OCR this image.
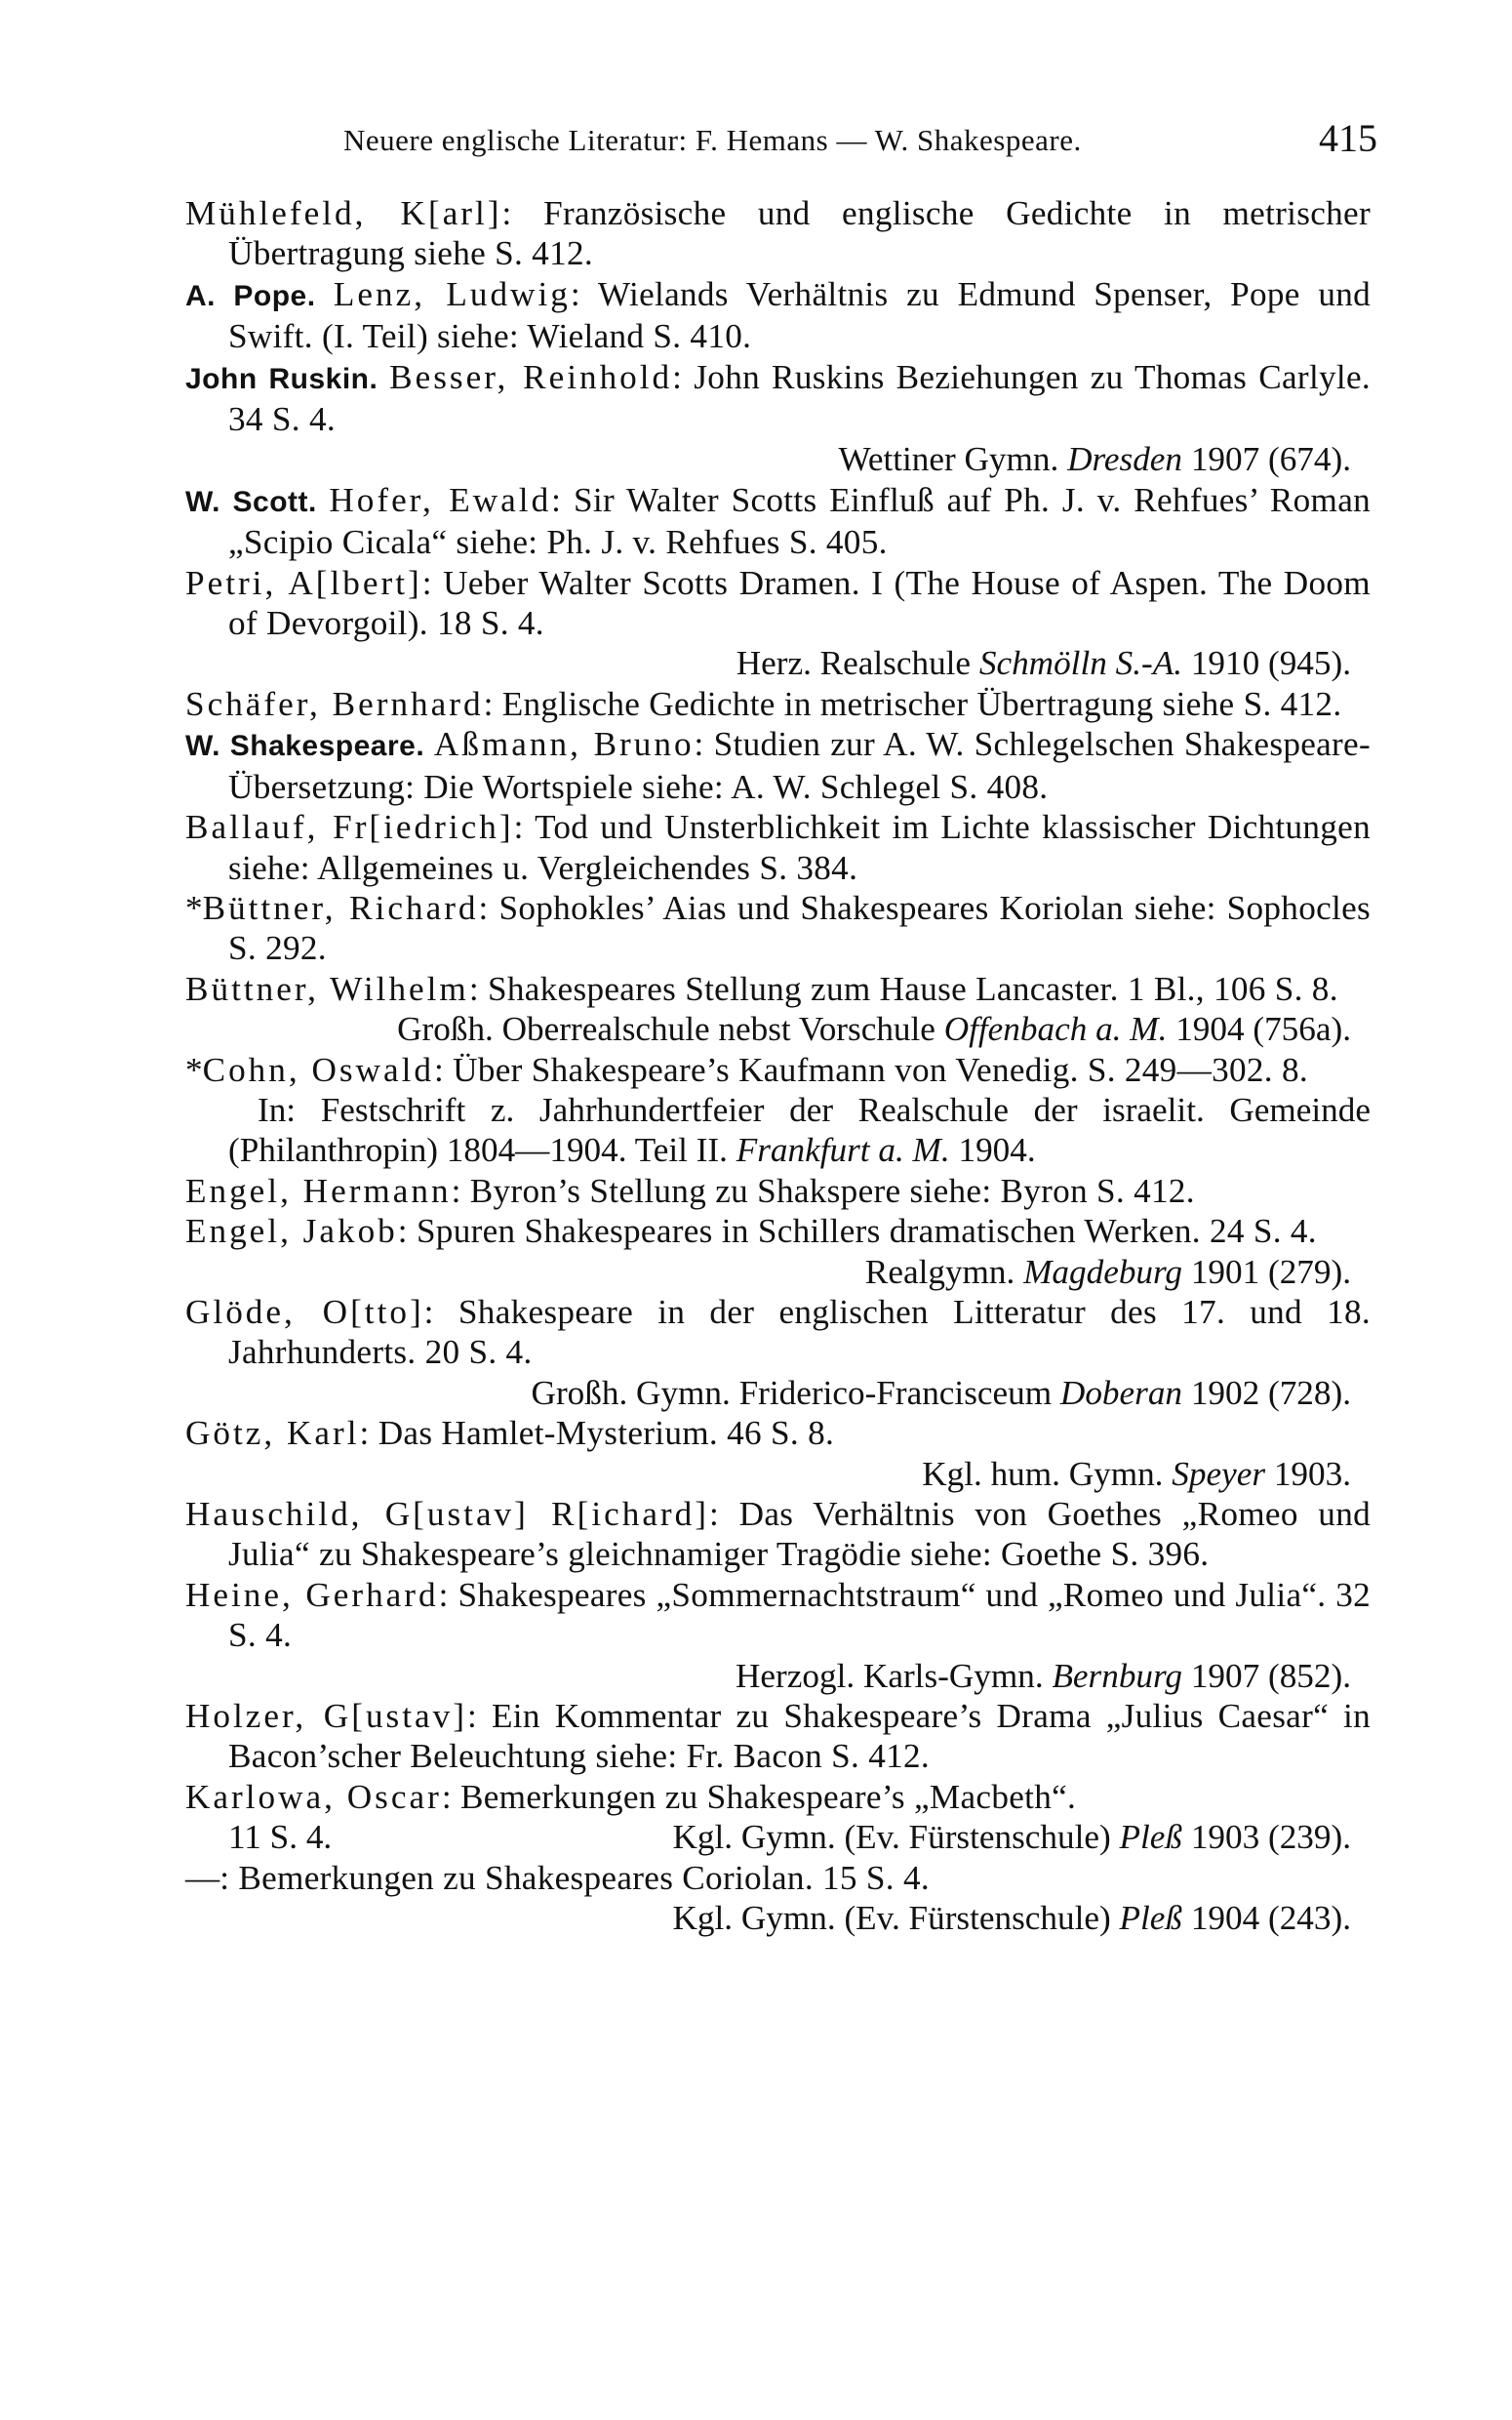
Neuere englische Literatur: F. Hemans — W. Shakespeare.	415
Mühlefeld, K[arl]: Französische und englische Gedichte in metrischer Übertragung siehe S. 412.
A. Pope. Lenz, Ludwig: Wielands Verhältnis zu Edmund Spenser, Pope und Swift. (I. Teil) siehe: Wieland S. 410.
John Ruskin. Besser, Reinhold: John Ruskins Beziehungen zu Thomas Carlyle. 34 S. 4.
Wettiner Gymn. Dresden 1907 (674).
W. Scott. Hofer, Ewald: Sir Walter Scotts Einfluß auf Ph. J. v. Rehfues’ Roman „Scipio Cicala“ siehe: Ph. J. v. Rehfues S. 405.
Petri, A[lbert]: Ueber Walter Scotts Dramen. I (The House of Aspen. The Doom of Devorgoil). 18 S. 4.
Herz. Realschule Schmölln S.-A. 1910 (945).
Schäfer, Bernhard: Englische Gedichte in metrischer Übertragung siehe S. 412.
W. Shakespeare. Aßmann, Bruno: Studien zur A. W. Schlegelschen Shakespeare-Übersetzung: Die Wortspiele siehe: A. W. Schlegel S. 408.
Ballauf, Fr[iedrich]: Tod und Unsterblichkeit im Lichte klassischer Dichtungen siehe: Allgemeines u. Vergleichendes S. 384.
*Büttner, Richard: Sophokles’ Aias und Shakespeares Koriolan siehe: Sophocles S. 292.
Büttner, Wilhelm: Shakespeares Stellung zum Hause Lancaster. 1 Bl., 106 S. 8.
Großh. Oberrealschule nebst Vorschule Offenbach a. M. 1904 (756a).
*Cohn, Oswald: Über Shakespeare’s Kaufmann von Venedig. S. 249—302. 8.
In: Festschrift z. Jahrhundertfeier der Realschule der israelit. Gemeinde (Philanthropin) 1804—1904. Teil II. Frankfurt a. M. 1904.
Engel, Hermann: Byron’s Stellung zu Shakspere siehe: Byron S. 412.
Engel, Jakob: Spuren Shakespeares in Schillers dramatischen Werken. 24 S. 4.
Realgymn. Magdeburg 1901 (279).
Glöde, O[tto]: Shakespeare in der englischen Litteratur des 17. und 18. Jahrhunderts. 20 S. 4.
Großh. Gymn. Friderico-Francisceum Doberan 1902 (728).
Götz, Karl: Das Hamlet-Mysterium. 46 S. 8.
Kgl. hum. Gymn. Speyer 1903.
Hauschild, G[ustav] R[ichard]: Das Verhältnis von Goethes „Romeo und Julia“ zu Shakespeare’s gleichnamiger Tragödie siehe: Goethe S. 396.
Heine, Gerhard: Shakespeares „Sommernachtstraum“ und „Romeo und Julia“. 32 S. 4.
Herzogl. Karls-Gymn. Bernburg 1907 (852).
Holzer, G[ustav]: Ein Kommentar zu Shakespeare’s Drama „Julius Caesar“ in Bacon’scher Beleuchtung siehe: Fr. Bacon S. 412.
Karlowa, Oscar: Bemerkungen zu Shakespeare’s „Macbeth“.
11 S. 4.	Kgl. Gymn. (Ev. Fürstenschule) Pleß 1903 (239).
—: Bemerkungen zu Shakespeares Coriolan. 15 S. 4.
Kgl. Gymn. (Ev. Fürstenschule) Pleß 1904 (243).
